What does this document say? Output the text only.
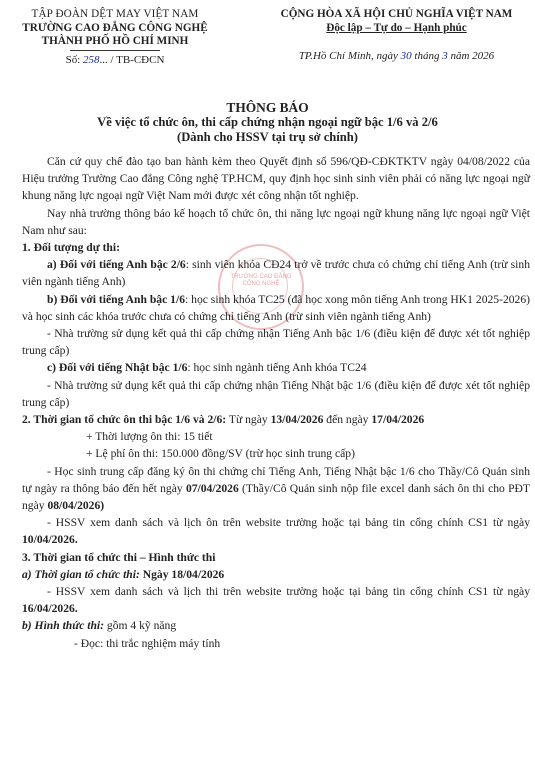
TẬP ĐOÀN DỆT MAY VIỆT NAM
TRƯỜNG CAO ĐẲNG CÔNG NGHỆ
THÀNH PHỐ HỒ CHÍ MINH
Số: 258... / TB-CĐCN
CỘNG HÒA XÃ HỘI CHỦ NGHĨA VIỆT NAM
Độc lập – Tự do – Hạnh phúc
TP.Hồ Chí Minh, ngày 30 tháng 3 năm 2026
THÔNG BÁO
Về việc tổ chức ôn, thi cấp chứng nhận ngoại ngữ bậc 1/6 và 2/6
(Dành cho HSSV tại trụ sở chính)
TRƯỜNG CAO ĐẲNG CÔNG NGHỆ

Căn cứ quy chế đào tạo ban hành kèm theo Quyết định số 596/QĐ-CĐKTKTV ngày 04/08/2022 của Hiệu trưởng Trường Cao đẳng Công nghệ TP.HCM, quy định học sinh sinh viên phải có năng lực ngoại ngữ khung năng lực ngoại ngữ Việt Nam mới được xét công nhận tốt nghiệp.

Nay nhà trường thông báo kế hoạch tổ chức ôn, thi năng lực ngoại ngữ khung năng lực ngoại ngữ Việt Nam như sau:

1. Đối tượng dự thi:

a) Đối với tiếng Anh bậc 2/6: sinh viên khóa CĐ24 trở về trước chưa có chứng chỉ tiếng Anh (trừ sinh viên ngành tiếng Anh)

b) Đối với tiếng Anh bậc 1/6: học sinh khóa TC25 (đã học xong môn tiếng Anh trong HK1 2025-2026) và học sinh các khóa trước chưa có chứng chỉ tiếng Anh (trừ sinh viên ngành tiếng Anh)

- Nhà trường sử dụng kết quả thi cấp chứng nhận Tiếng Anh bậc 1/6 (điều kiện để được xét tốt nghiệp trung cấp)

c) Đối với tiếng Nhật bậc 1/6: học sinh ngành tiếng Anh khóa TC24

- Nhà trường sử dụng kết quả thi cấp chứng nhận Tiếng Nhật bậc 1/6 (điều kiện để được xét tốt nghiệp trung cấp)

2. Thời gian tổ chức ôn thi bậc 1/6 và 2/6: Từ ngày 13/04/2026 đến ngày 17/04/2026

+ Thời lượng ôn thi: 15 tiết

+ Lệ phí ôn thi: 150.000 đồng/SV (trừ học sinh trung cấp)

- Học sinh trung cấp đăng ký ôn thi chứng chỉ Tiếng Anh, Tiếng Nhật bậc 1/6 cho Thầy/Cô Quản sinh tự ngày ra thông báo đến hết ngày 07/04/2026 (Thầy/Cô Quản sinh nộp file excel danh sách ôn thi cho PĐT ngày 08/04/2026)

- HSSV xem danh sách và lịch ôn trên website trường hoặc tại bảng tin cổng chính CS1 từ ngày 10/04/2026.

3. Thời gian tổ chức thi – Hình thức thi

a) Thời gian tổ chức thi: Ngày 18/04/2026

- HSSV xem danh sách và lịch thi trên website trường hoặc tại bảng tin cổng chính CS1 từ ngày 16/04/2026.

b) Hình thức thi: gồm 4 kỹ năng

- Đọc: thi trắc nghiệm máy tính
